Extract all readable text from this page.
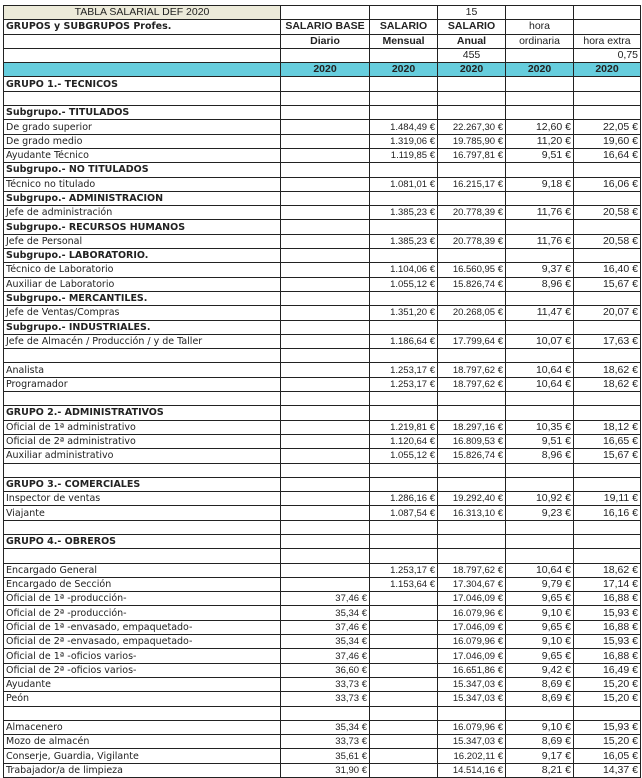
TABLA SALARIAL DEF 2020			15		
GRUPOS y SUBGRUPOS Profes.	SALARIO BASE	SALARIO	SALARIO	hora	
	Diario	Mensual	Anual	ordinaria	hora extra
			455		0,75
	2020	2020	2020	2020	2020
GRUPO 1.- TECNICOS					

Subgrupo.- TITULADOS					
De grado superior		1.484,49 €	22.267,30 €	12,60 €	22,05 €
De grado medio		1.319,06 €	19.785,90 €	11,20 €	19,60 €
Ayudante Técnico		1.119,85 €	16.797,81 €	9,51 €	16,64 €
Subgrupo.- NO TITULADOS					
Técnico no titulado		1.081,01 €	16.215,17 €	9,18 €	16,06 €
Subgrupo.- ADMINISTRACION					
Jefe de administración		1.385,23 €	20.778,39 €	11,76 €	20,58 €
Subgrupo.- RECURSOS HUMANOS					
Jefe de Personal		1.385,23 €	20.778,39 €	11,76 €	20,58 €
Subgrupo.- LABORATORIO.					
Técnico de Laboratorio		1.104,06 €	16.560,95 €	9,37 €	16,40 €
Auxiliar de Laboratorio		1.055,12 €	15.826,74 €	8,96 €	15,67 €
Subgrupo.- MERCANTILES.					
Jefe de Ventas/Compras		1.351,20 €	20.268,05 €	11,47 €	20,07 €
Subgrupo.- INDUSTRIALES.					
Jefe de Almacén / Producción / y de Taller		1.186,64 €	17.799,64 €	10,07 €	17,63 €

Analista		1.253,17 €	18.797,62 €	10,64 €	18,62 €
Programador		1.253,17 €	18.797,62 €	10,64 €	18,62 €

GRUPO 2.- ADMINISTRATIVOS					
Oficial de 1ª administrativo		1.219,81 €	18.297,16 €	10,35 €	18,12 €
Oficial de 2ª administrativo		1.120,64 €	16.809,53 €	9,51 €	16,65 €
Auxiliar administrativo		1.055,12 €	15.826,74 €	8,96 €	15,67 €

GRUPO 3.- COMERCIALES					
Inspector de ventas		1.286,16 €	19.292,40 €	10,92 €	19,11 €
Viajante		1.087,54 €	16.313,10 €	9,23 €	16,16 €

GRUPO 4.- OBREROS					

Encargado General		1.253,17 €	18.797,62 €	10,64 €	18,62 €
Encargado de Sección		1.153,64 €	17.304,67 €	9,79 €	17,14 €
Oficial de 1ª -producción-	37,46 €		17.046,09 €	9,65 €	16,88 €
Oficial de 2ª -producción-	35,34 €		16.079,96 €	9,10 €	15,93 €
Oficial de 1ª -envasado, empaquetado-	37,46 €		17.046,09 €	9,65 €	16,88 €
Oficial de 2ª -envasado, empaquetado-	35,34 €		16.079,96 €	9,10 €	15,93 €
Oficial de 1ª -oficios varios-	37,46 €		17.046,09 €	9,65 €	16,88 €
Oficial de 2ª -oficios varios-	36,60 €		16.651,86 €	9,42 €	16,49 €
Ayudante	33,73 €		15.347,03 €	8,69 €	15,20 €
Peón	33,73 €		15.347,03 €	8,69 €	15,20 €

Almacenero	35,34 €		16.079,96 €	9,10 €	15,93 €
Mozo de almacén	33,73 €		15.347,03 €	8,69 €	15,20 €
Conserje, Guardia, Vigilante	35,61 €		16.202,11 €	9,17 €	16,05 €
Trabajador/a de limpieza	31,90 €		14.514,16 €	8,21 €	14,37 €
